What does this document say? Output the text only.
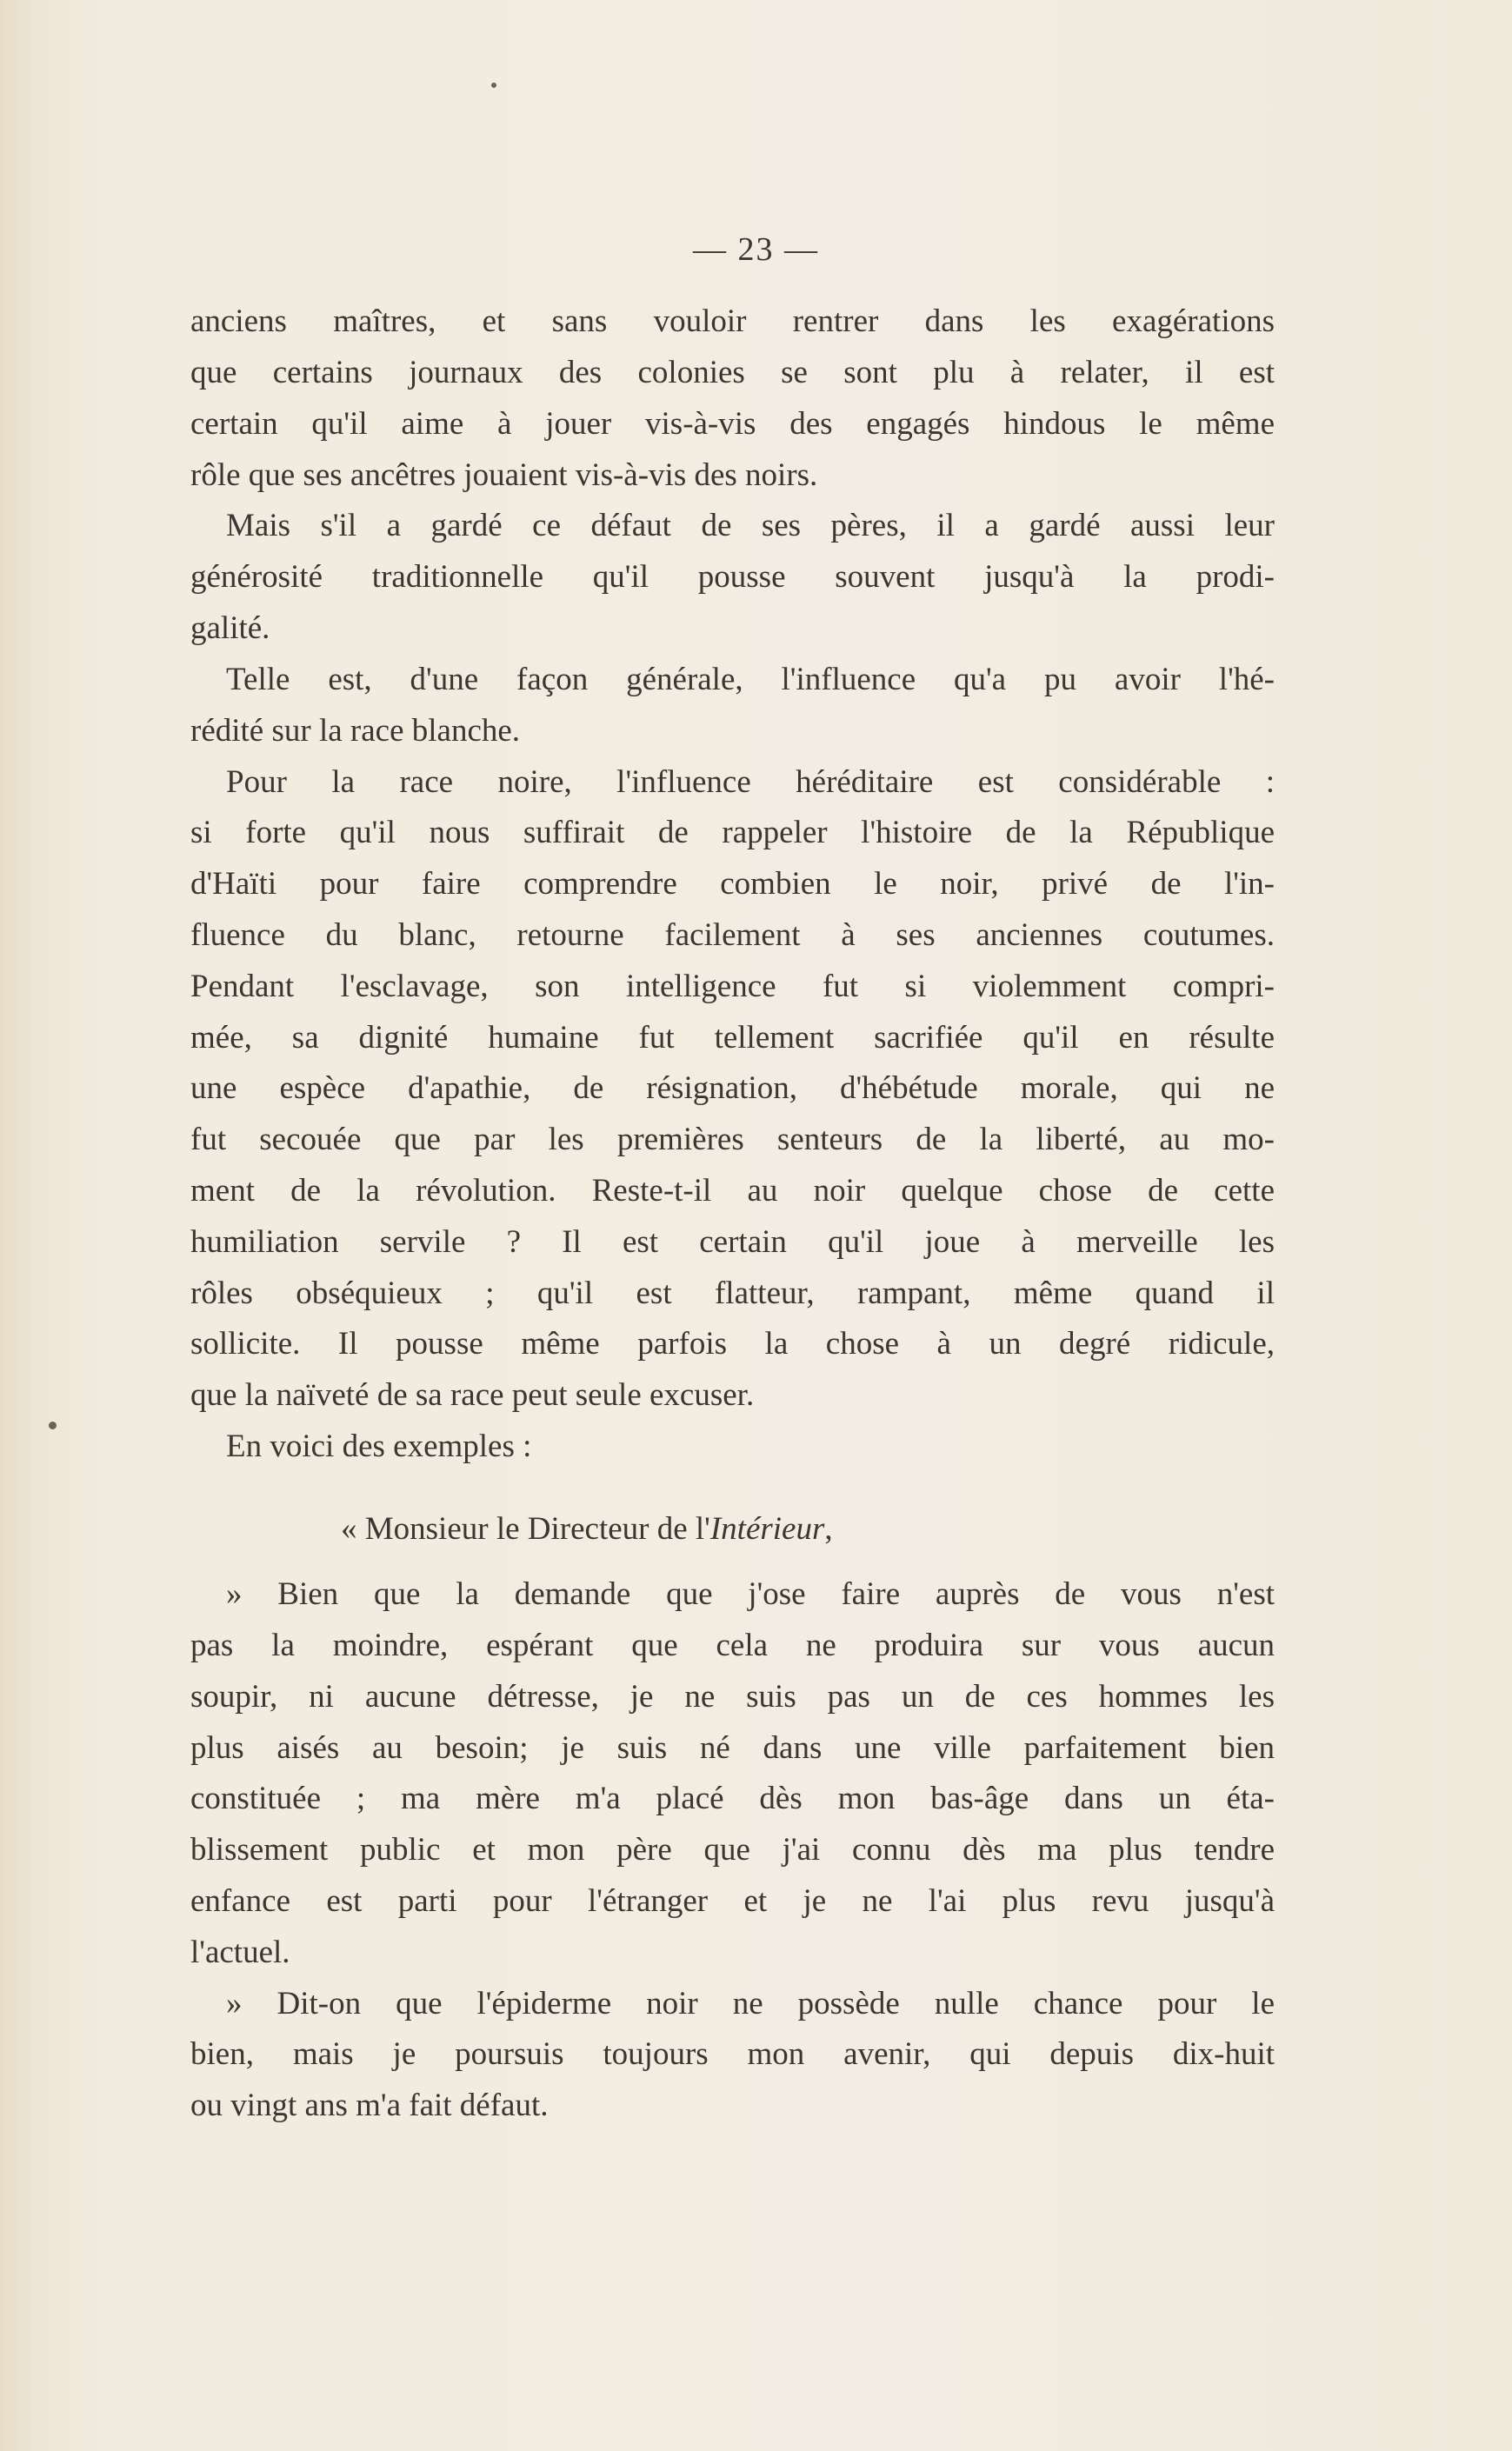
— 23 —
anciens maîtres, et sans vouloir rentrer dans les exagérations
que certains journaux des colonies se sont plu à relater, il est
certain qu'il aime à jouer vis-à-vis des engagés hindous le même
rôle que ses ancêtres jouaient vis-à-vis des noirs.
Mais s'il a gardé ce défaut de ses pères, il a gardé aussi leur
générosité traditionnelle qu'il pousse souvent jusqu'à la prodi-
galité.
Telle est, d'une façon générale, l'influence qu'a pu avoir l'hé-
rédité sur la race blanche.
Pour la race noire, l'influence héréditaire est considérable :
si forte qu'il nous suffirait de rappeler l'histoire de la République
d'Haïti pour faire comprendre combien le noir, privé de l'in-
fluence du blanc, retourne facilement à ses anciennes coutumes.
Pendant l'esclavage, son intelligence fut si violemment compri-
mée, sa dignité humaine fut tellement sacrifiée qu'il en résulte
une espèce d'apathie, de résignation, d'hébétude morale, qui ne
fut secouée que par les premières senteurs de la liberté, au mo-
ment de la révolution. Reste-t-il au noir quelque chose de cette
humiliation servile ? Il est certain qu'il joue à merveille les
rôles obséquieux ; qu'il est flatteur, rampant, même quand il
sollicite. Il pousse même parfois la chose à un degré ridicule,
que la naïveté de sa race peut seule excuser.
En voici des exemples :
« Monsieur le Directeur de l'Intérieur,
» Bien que la demande que j'ose faire auprès de vous n'est
pas la moindre, espérant que cela ne produira sur vous aucun
soupir, ni aucune détresse, je ne suis pas un de ces hommes les
plus aisés au besoin; je suis né dans une ville parfaitement bien
constituée ; ma mère m'a placé dès mon bas-âge dans un éta-
blissement public et mon père que j'ai connu dès ma plus tendre
enfance est parti pour l'étranger et je ne l'ai plus revu jusqu'à
l'actuel.
» Dit-on que l'épiderme noir ne possède nulle chance pour le
bien, mais je poursuis toujours mon avenir, qui depuis dix-huit
ou vingt ans m'a fait défaut.
